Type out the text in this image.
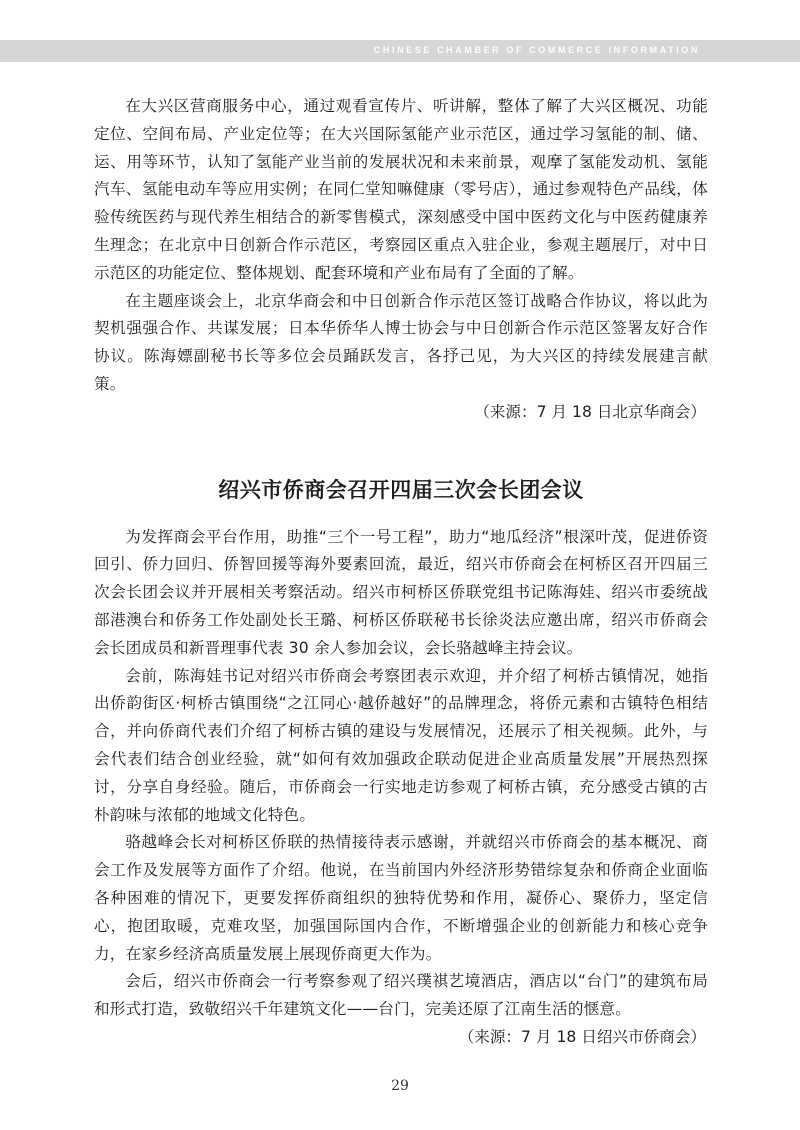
CHINESE CHAMBER OF COMMERCE INFORMATION

在大兴区营商服务中心，通过观看宣传片、听讲解，整体了解了大兴区概况、功能定位、空间布局、产业定位等；在大兴国际氢能产业示范区，通过学习氢能的制、储、运、用等环节，认知了氢能产业当前的发展状况和未来前景，观摩了氢能发动机、氢能汽车、氢能电动车等应用实例；在同仁堂知嘛健康（零号店），通过参观特色产品线，体验传统医药与现代养生相结合的新零售模式，深刻感受中国中医药文化与中医药健康养生理念；在北京中日创新合作示范区，考察园区重点入驻企业，参观主题展厅，对中日示范区的功能定位、整体规划、配套环境和产业布局有了全面的了解。

在主题座谈会上，北京华商会和中日创新合作示范区签订战略合作协议，将以此为契机强强合作、共谋发展；日本华侨华人博士协会与中日创新合作示范区签署友好合作协议。陈海嫖副秘书长等多位会员踊跃发言，各抒己见，为大兴区的持续发展建言献策。

（来源：7 月 18 日北京华商会）

绍兴市侨商会召开四届三次会长团会议

为发挥商会平台作用，助推“三个一号工程”，助力“地瓜经济”根深叶茂，促进侨资回引、侨力回归、侨智回援等海外要素回流，最近，绍兴市侨商会在柯桥区召开四届三次会长团会议并开展相关考察活动。绍兴市柯桥区侨联党组书记陈海娃、绍兴市委统战部港澳台和侨务工作处副处长王璐、柯桥区侨联秘书长徐炎法应邀出席，绍兴市侨商会会长团成员和新晋理事代表 30 余人参加会议，会长骆越峰主持会议。

会前，陈海娃书记对绍兴市侨商会考察团表示欢迎，并介绍了柯桥古镇情况，她指出侨韵街区·柯桥古镇围绕“之江同心·越侨越好”的品牌理念，将侨元素和古镇特色相结合，并向侨商代表们介绍了柯桥古镇的建设与发展情况，还展示了相关视频。此外，与会代表们结合创业经验，就“如何有效加强政企联动促进企业高质量发展”开展热烈探讨，分享自身经验。随后，市侨商会一行实地走访参观了柯桥古镇，充分感受古镇的古朴韵味与浓郁的地域文化特色。

骆越峰会长对柯桥区侨联的热情接待表示感谢，并就绍兴市侨商会的基本概况、商会工作及发展等方面作了介绍。他说，在当前国内外经济形势错综复杂和侨商企业面临各种困难的情况下，更要发挥侨商组织的独特优势和作用，凝侨心、聚侨力，坚定信心，抱团取暖，克难攻坚，加强国际国内合作，不断增强企业的创新能力和核心竞争力，在家乡经济高质量发展上展现侨商更大作为。

会后，绍兴市侨商会一行考察参观了绍兴璞祺艺境酒店，酒店以“台门”的建筑布局和形式打造，致敬绍兴千年建筑文化——台门，完美还原了江南生活的惬意。

（来源：7 月 18 日绍兴市侨商会）

29
